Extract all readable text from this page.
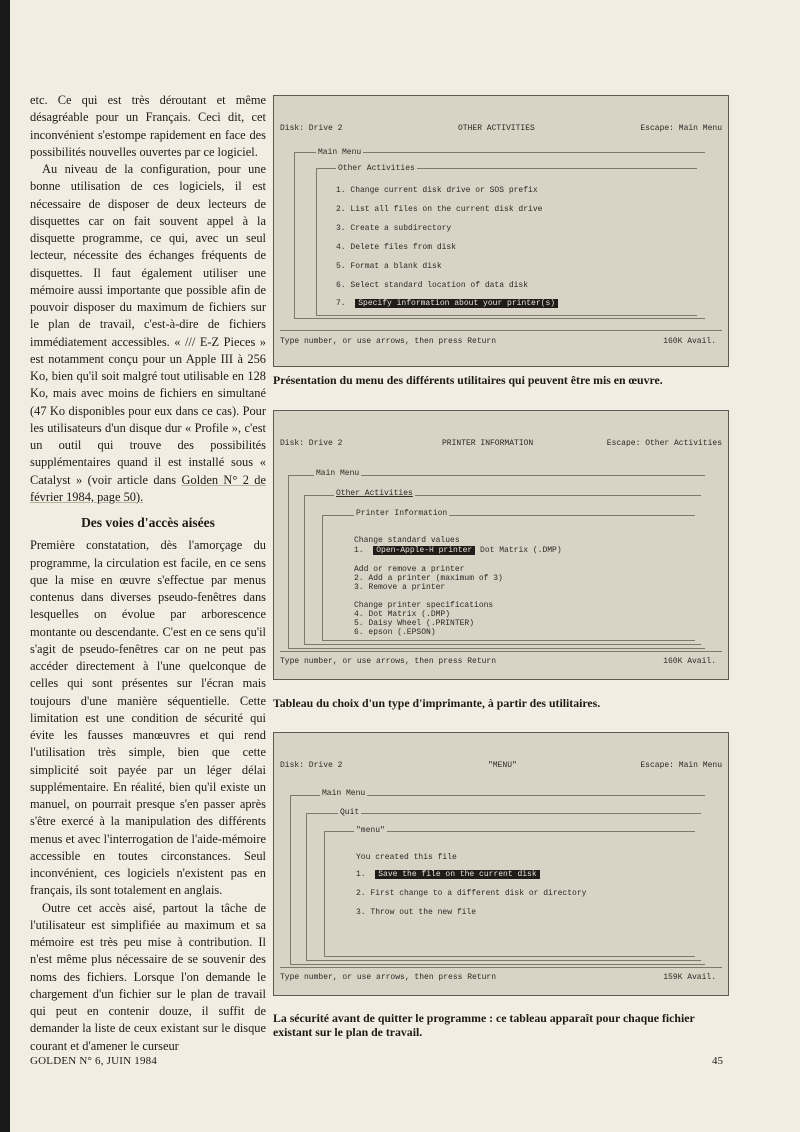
etc. Ce qui est très déroutant et même désagréable pour un Français. Ceci dit, cet inconvénient s'estompe rapidement en face des possibilités nouvelles ouvertes par ce logiciel.

Au niveau de la configuration, pour une bonne utilisation de ces logiciels, il est nécessaire de disposer de deux lecteurs de disquettes car on fait souvent appel à la disquette programme, ce qui, avec un seul lecteur, nécessite des échanges fréquents de disquettes. Il faut également utiliser une mémoire aussi importante que possible afin de pouvoir disposer du maximum de fichiers sur le plan de travail, c'est-à-dire de fichiers immédiatement accessibles. « /// E-Z Pieces » est notamment conçu pour un Apple III à 256 Ko, bien qu'il soit malgré tout utilisable en 128 Ko, mais avec moins de fichiers en simultané (47 Ko disponibles pour eux dans ce cas). Pour les utilisateurs d'un disque dur « Profile », c'est un outil qui trouve des possibilités supplémentaires quand il est installé sous « Catalyst » (voir article dans Golden N° 2 de février 1984, page 50).

Des voies d'accès aisées

Première constatation, dès l'amorçage du programme, la circulation est facile, en ce sens que la mise en œuvre s'effectue par menus contenus dans diverses pseudo-fenêtres dans lesquelles on évolue par arborescence montante ou descendante. C'est en ce sens qu'il s'agit de pseudo-fenêtres car on ne peut pas accéder directement à l'une quelconque de celles qui sont présentes sur l'écran mais toujours d'une manière séquentielle. Cette limitation est une condition de sécurité qui évite les fausses manœuvres et qui rend l'utilisation très simple, bien que cette simplicité soit payée par un léger délai supplémentaire. En réalité, bien qu'il existe un manuel, on pourrait presque s'en passer après s'être exercé à la manipulation des différents menus et avec l'interrogation de l'aide-mémoire accessible en toutes circonstances. Seul inconvénient, ces logiciels n'existent pas en français, ils sont totalement en anglais.

Outre cet accès aisé, partout la tâche de l'utilisateur est simplifiée au maximum et sa mémoire est très peu mise à contribution. Il n'est même plus nécessaire de se souvenir des noms des fichiers. Lorsque l'on demande le chargement d'un fichier sur le plan de travail qui peut en contenir douze, il suffit de demander la liste de ceux existant sur le disque courant et d'amener le curseur

Disk: Drive 2	OTHER ACTIVITIES	Escape: Main Menu
Main Menu
Other Activities
1. Change current disk drive or SOS prefix
2. List all files on the current disk drive
3. Create a subdirectory
4. Delete files from disk
5. Format a blank disk
6. Select standard location of data disk
7. Specify information about your printer(s)
Type number, or use arrows, then press Return	160K Avail.
Présentation du menu des différents utilitaires qui peuvent être mis en œuvre.
Disk: Drive 2	PRINTER INFORMATION	Escape: Other Activities
Main Menu
Other Activities
Printer Information
Change standard values
1. Open-Apple-H printer Dot Matrix (.DMP)
Add or remove a printer
2. Add a printer (maximum of 3)
3. Remove a printer
Change printer specifications
4. Dot Matrix (.DMP)
5. Daisy Wheel (.PRINTER)
6. epson (.EPSON)
Type number, or use arrows, then press Return	160K Avail.
Tableau du choix d'un type d'imprimante, à partir des utilitaires.
Disk: Drive 2	"MENU"	Escape: Main Menu
Main Menu
Quit
"menu"
You created this file
1. Save the file on the current disk
2. First change to a different disk or directory
3. Throw out the new file
Type number, or use arrows, then press Return	159K Avail.
La sécurité avant de quitter le programme : ce tableau apparaît pour chaque fichier existant sur le plan de travail.
GOLDEN N° 6, JUIN 1984	45
